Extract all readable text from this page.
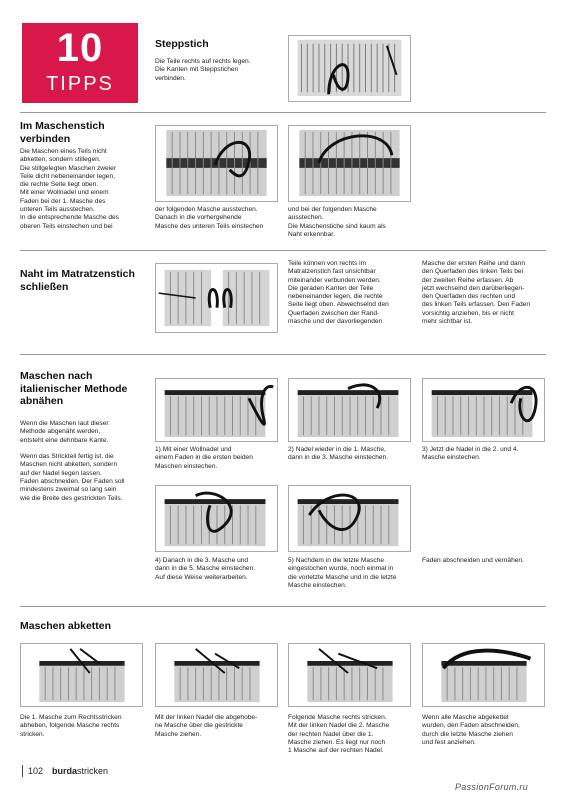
10
TIPPS
Steppstich
Die Teile rechts auf rechts legen.
Die Kanten mit Steppstichen
verbinden.
Im Maschenstich
verbinden
Die Maschen eines Teils nicht
abketten, sondern stillegen.
Die stillgelegten Maschen zweier
Teile dicht nebeneinander legen,
die rechte Seite liegt oben.
Mit einer Wollnadel und einem
Faden bei der 1. Masche des
unteren Teils ausstechen.
In die entsprechende Masche des
oberen Teils einstechen und bei
der folgenden Masche ausstechen.
Danach in die vorhergehende
Masche des unteren Teils einstechen
und bei der folgenden Masche
ausstechen.
Die Maschenstiche sind kaum als
Naht erkennbar.
Naht im Matratzenstich
schließen
Teile können von rechts im
Matratzenstich fast unsichtbar
miteinander verbunden werden.
Die geraden Kanten der Teile
nebeneinander legen, die rechte
Seite liegt oben. Abwechselnd den
Querfaden zwischen der Rand-
masche und der davorliegenden
Masche der ersten Reihe und dann
den Querfaden des linken Teils bei
der zweiten Reihe erfassen. Ab
jetzt wechselnd den darüberliegen-
den Querfaden des rechten und
des linken Teils erfassen. Den Faden
vorsichtig anziehen, bis er nicht
mehr sichtbar ist.
Maschen nach
italienischer Methode
abnähen
Wenn die Maschen laut dieser
Methode abgenäht werden,
entsteht eine dehnbare Kante.

Wenn das Strickteil fertig ist, die
Maschen nicht abketten, sondern
auf der Nadel liegen lassen.
Faden abschneiden. Der Faden soll
mindestens zweimal so lang sein
wie die Breite des gestrickten Teils.
1) Mit einer Wollnadel und
einem Faden in die ersten beiden
Maschen einstechen.
2) Nadel wieder in die 1. Masche,
dann in die 3. Masche einstechen.
3) Jetzt die Nadel in die 2. und 4.
Masche einstechen.
4) Danach in die 3. Masche und
dann in die 5. Masche einstechen.
Auf diese Weise weiterarbeiten.
5) Nachdem in die letzte Masche
eingestochen wurde, noch einmal in
die vorletzte Masche und in die letzte
Masche einstechen.
Faden abschneiden und vernähen.
Maschen abketten
Die 1. Masche zum Rechtsstricken
abheben, folgende Masche rechts
stricken.
Mit der linken Nadel die abgehobe-
ne Masche über die gestrickte
Masche ziehen.
Folgende Masche rechts stricken.
Mit der linken Nadel die 2. Masche
der rechten Nadel über die 1.
Masche ziehen. Es liegt nur noch
1 Masche auf der rechten Nadel.
Wenn alle Masche abgekettet
wurden, den Faden abschneiden,
durch die letzte Masche ziehen
und fest anziehen.
102 burdastricken
PassionForum.ru
